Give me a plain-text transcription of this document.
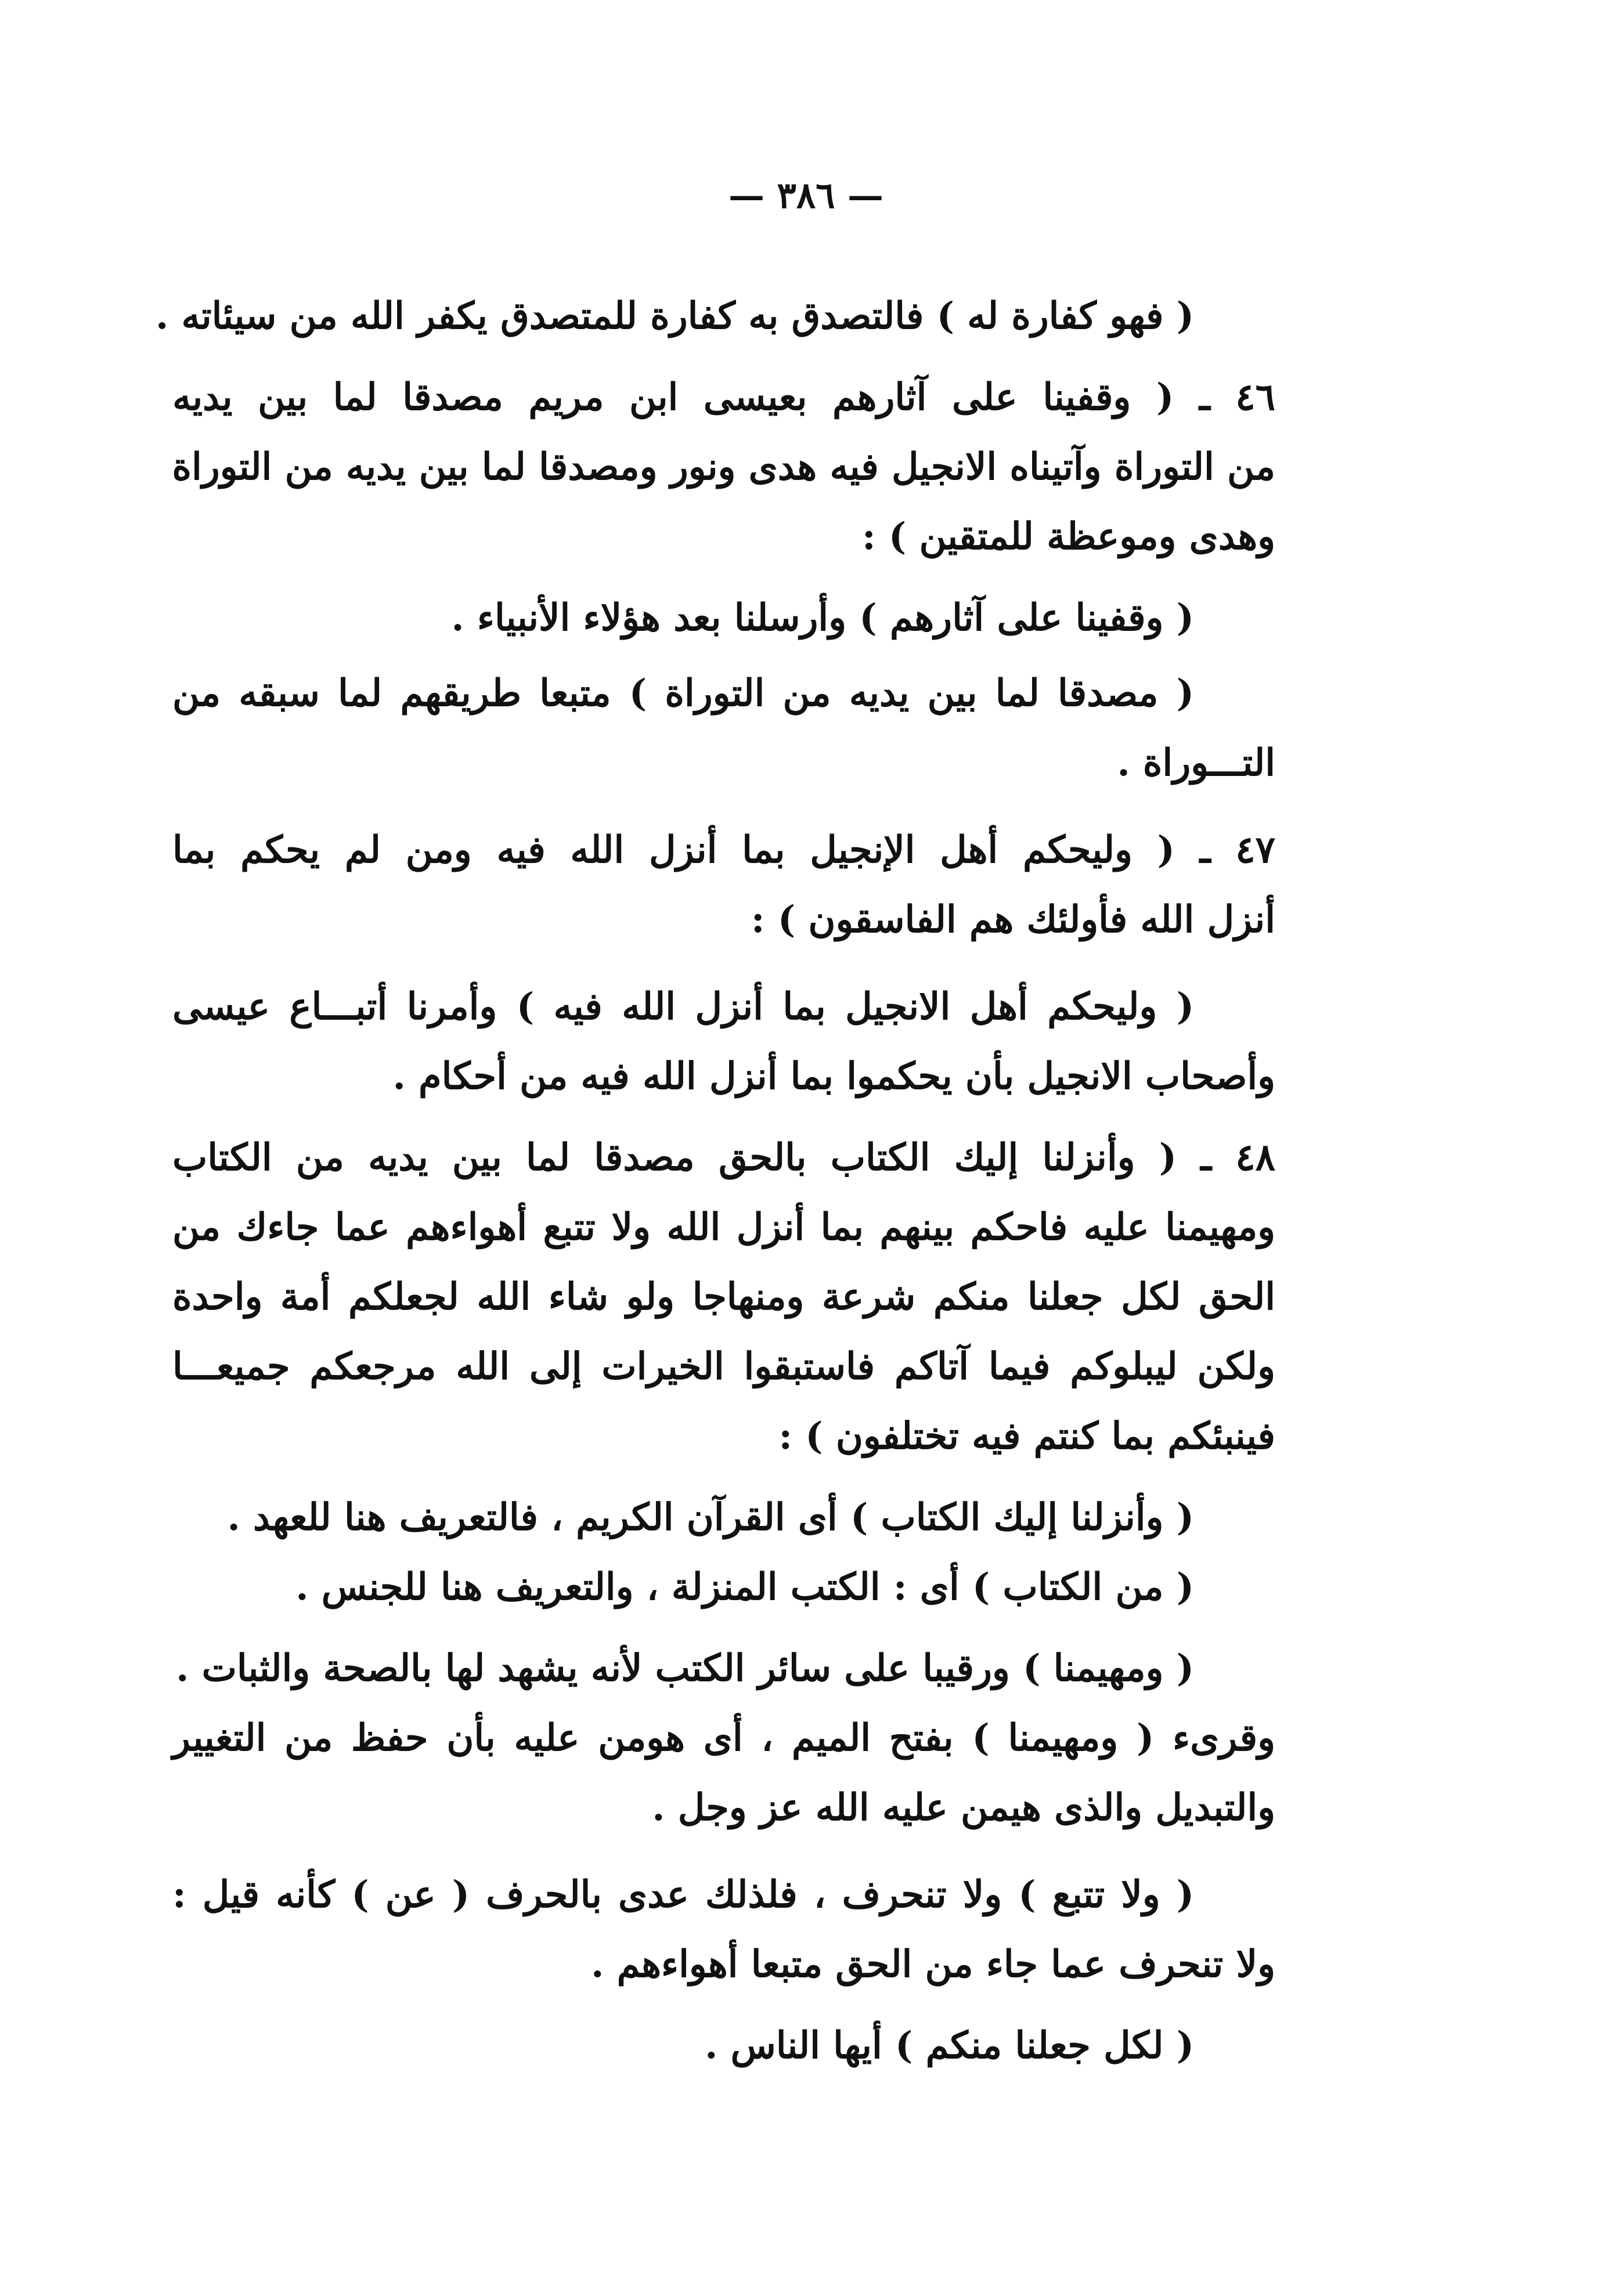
— ٣٨٦ —
( فهو كفارة له ) فالتصدق به كفارة للمتصدق يكفر الله من سيئاته .
٤٦ ـ ( وقفينا على آثارهم بعيسى ابن مريم مصدقا لما بين يديه
من التوراة وآتيناه الانجيل فيه هدى ونور ومصدقا لما بين يديه من التوراة
وهدى وموعظة للمتقين ) :
( وقفينا على آثارهم ) وأرسلنا بعد هؤلاء الأنبياء .
( مصدقا لما بين يديه من التوراة ) متبعا طريقهم لما سبقه من
التـــوراة .
٤٧ ـ ( وليحكم أهل الإنجيل بما أنزل الله فيه ومن لم يحكم بما
أنزل الله فأولئك هم الفاسقون ) :
( وليحكم أهل الانجيل بما أنزل الله فيه ) وأمرنا أتبـــاع عيسى
وأصحاب الانجيل بأن يحكموا بما أنزل الله فيه من أحكام .
٤٨ ـ ( وأنزلنا إليك الكتاب بالحق مصدقا لما بين يديه من الكتاب
ومهيمنا عليه فاحكم بينهم بما أنزل الله ولا تتبع أهواءهم عما جاءك من
الحق لكل جعلنا منكم شرعة ومنهاجا ولو شاء الله لجعلكم أمة واحدة
ولكن ليبلوكم فيما آتاكم فاستبقوا الخيرات إلى الله مرجعكم جميعـــا
فينبئكم بما كنتم فيه تختلفون ) :
( وأنزلنا إليك الكتاب ) أى القرآن الكريم ، فالتعريف هنا للعهد .
( من الكتاب ) أى : الكتب المنزلة ، والتعريف هنا للجنس .
( ومهيمنا ) ورقيبا على سائر الكتب لأنه يشهد لها بالصحة والثبات .
وقرىء ( ومهيمنا ) بفتح الميم ، أى هومن عليه بأن حفظ من التغيير
والتبديل والذى هيمن عليه الله عز وجل .
( ولا تتبع ) ولا تنحرف ، فلذلك عدى بالحرف ( عن ) كأنه قيل :
ولا تنحرف عما جاء من الحق متبعا أهواءهم .
( لكل جعلنا منكم ) أيها الناس .
